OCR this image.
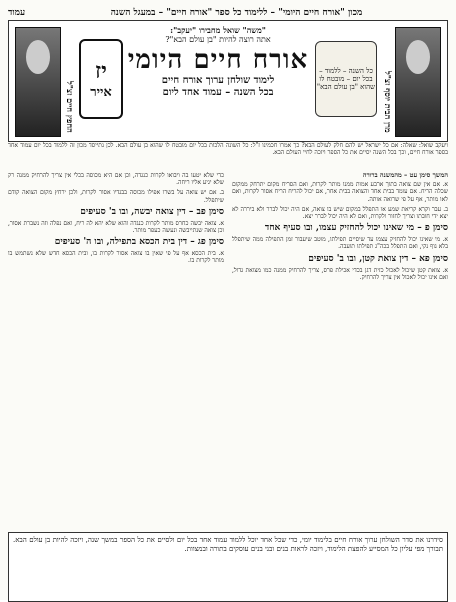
מכון "אורח חיים היומי" – ללימוד כל ספר "אורח חיים" – במעגל השנה
עמוד
מרן הבית יוסף זצ"ל
כל השנה – ללמוד – בכל יום – מובטח לו שהוא "בן עולם הבא"
"משה" שואל מחבירו "יעקב":
אתה רוצה להיות "בן עולם הבא"?
אורח חיים היומי
לימוד שולחן ערוך אורח חיים
בכל השנה – עמוד אחד ליום
יז
אייר
החפץ חיים זצ"ל
ויעקב שואל: שאלה: אם כל ישראל יש להם חלק לעולם הבא? כך אמרו חכמינו ז"ל: כל השונה הלכות בכל יום מובטח לו שהוא בן עולם הבא. לכן נתייסד מכון זה ללמוד בכל יום עמוד אחד בספר אורח חיים, וכך בכל השנה יסיים את כל הספר ויזכה לחיי העולם הבא.

המשך סימן עט – מהמשנה ברורה

א. אם אין שם צואה בתוך ארבע אמות ממנו מותר לקרות, ואם הסריח מקום יתרחק ממקום שכלה הריח. אם עומד בבית אחד והצואה בבית אחר, אם יכול להריח הריח אסור לקרות, ואם לאו מותר, אף על פי שרואה אותה.

ב. עבר וקרא קריאת שמע או התפלל במקום שיש בו צואה, אם היה יכול לברר ולא ביררה לא יצא ידי חובתו וצריך לחזור ולקרות, ואם לא היה יכול לברר יצא.

סימן פ – מי שאינו יכול להחזיק עצמו, ובו סעיף אחד

א. מי שאינו יכול להחזיק עצמו עד שיסיים תפילתו, מוטב שיעבור זמן התפילה ממה שיתפלל בלא גוף נקי, ואם התפלל בכה"ג תפילתו תועבה.

סימן פא – דין צואת קטן, ובו ב' סעיפים

א. צואת קטן שיכול לאכול כזית דגן בכדי אכילת פרס, צריך להרחיק ממנה כמו מצואת גדול, ואם אינו יכול לאכול אין צריך להרחיק.

כדי שלא יטעו בה ויבואו לקרות כנגדה, וכן אם היא מכוסה בכלי אין צריך להרחיק ממנה רק שלא יגיע אליו ריחה.

ב. אם יש צואה על בשרו אפילו מכוסה בבגדיו אסור לקרות, ולכן ירחץ מקום הצואה קודם שיתפלל.

סימן פב – דין צואה יבשה, ובו ב' סעיפים

א. צואה יבשה כחרס מותר לקרות כנגדה והוא שלא יהא לה ריח, ואם נפלה וזה נשברת אסור, וכן צואה שנתייבשה ונעשה כעפר מותר.

סימן פג – דין בית הכסא בתפילה, ובו ה' סעיפים

א. בית הכסא אף על פי שאין בו צואה אסור לקרות בו, ובית הכסא חדש שלא נשתמש בו מותר לקרות בו.

סידרנו את סדר השולחן ערוך אורח חיים בלימוד יומי, כדי שכל אחד יוכל ללמוד עמוד אחד בכל יום ולסיים את כל הספר במשך שנה, ויזכה להיות בן עולם הבא. תבורך מפי עליון כל המסייע להפצת הלימוד, ויזכה לראות בנים ובני בנים עוסקים בתורה ובמצוות.
